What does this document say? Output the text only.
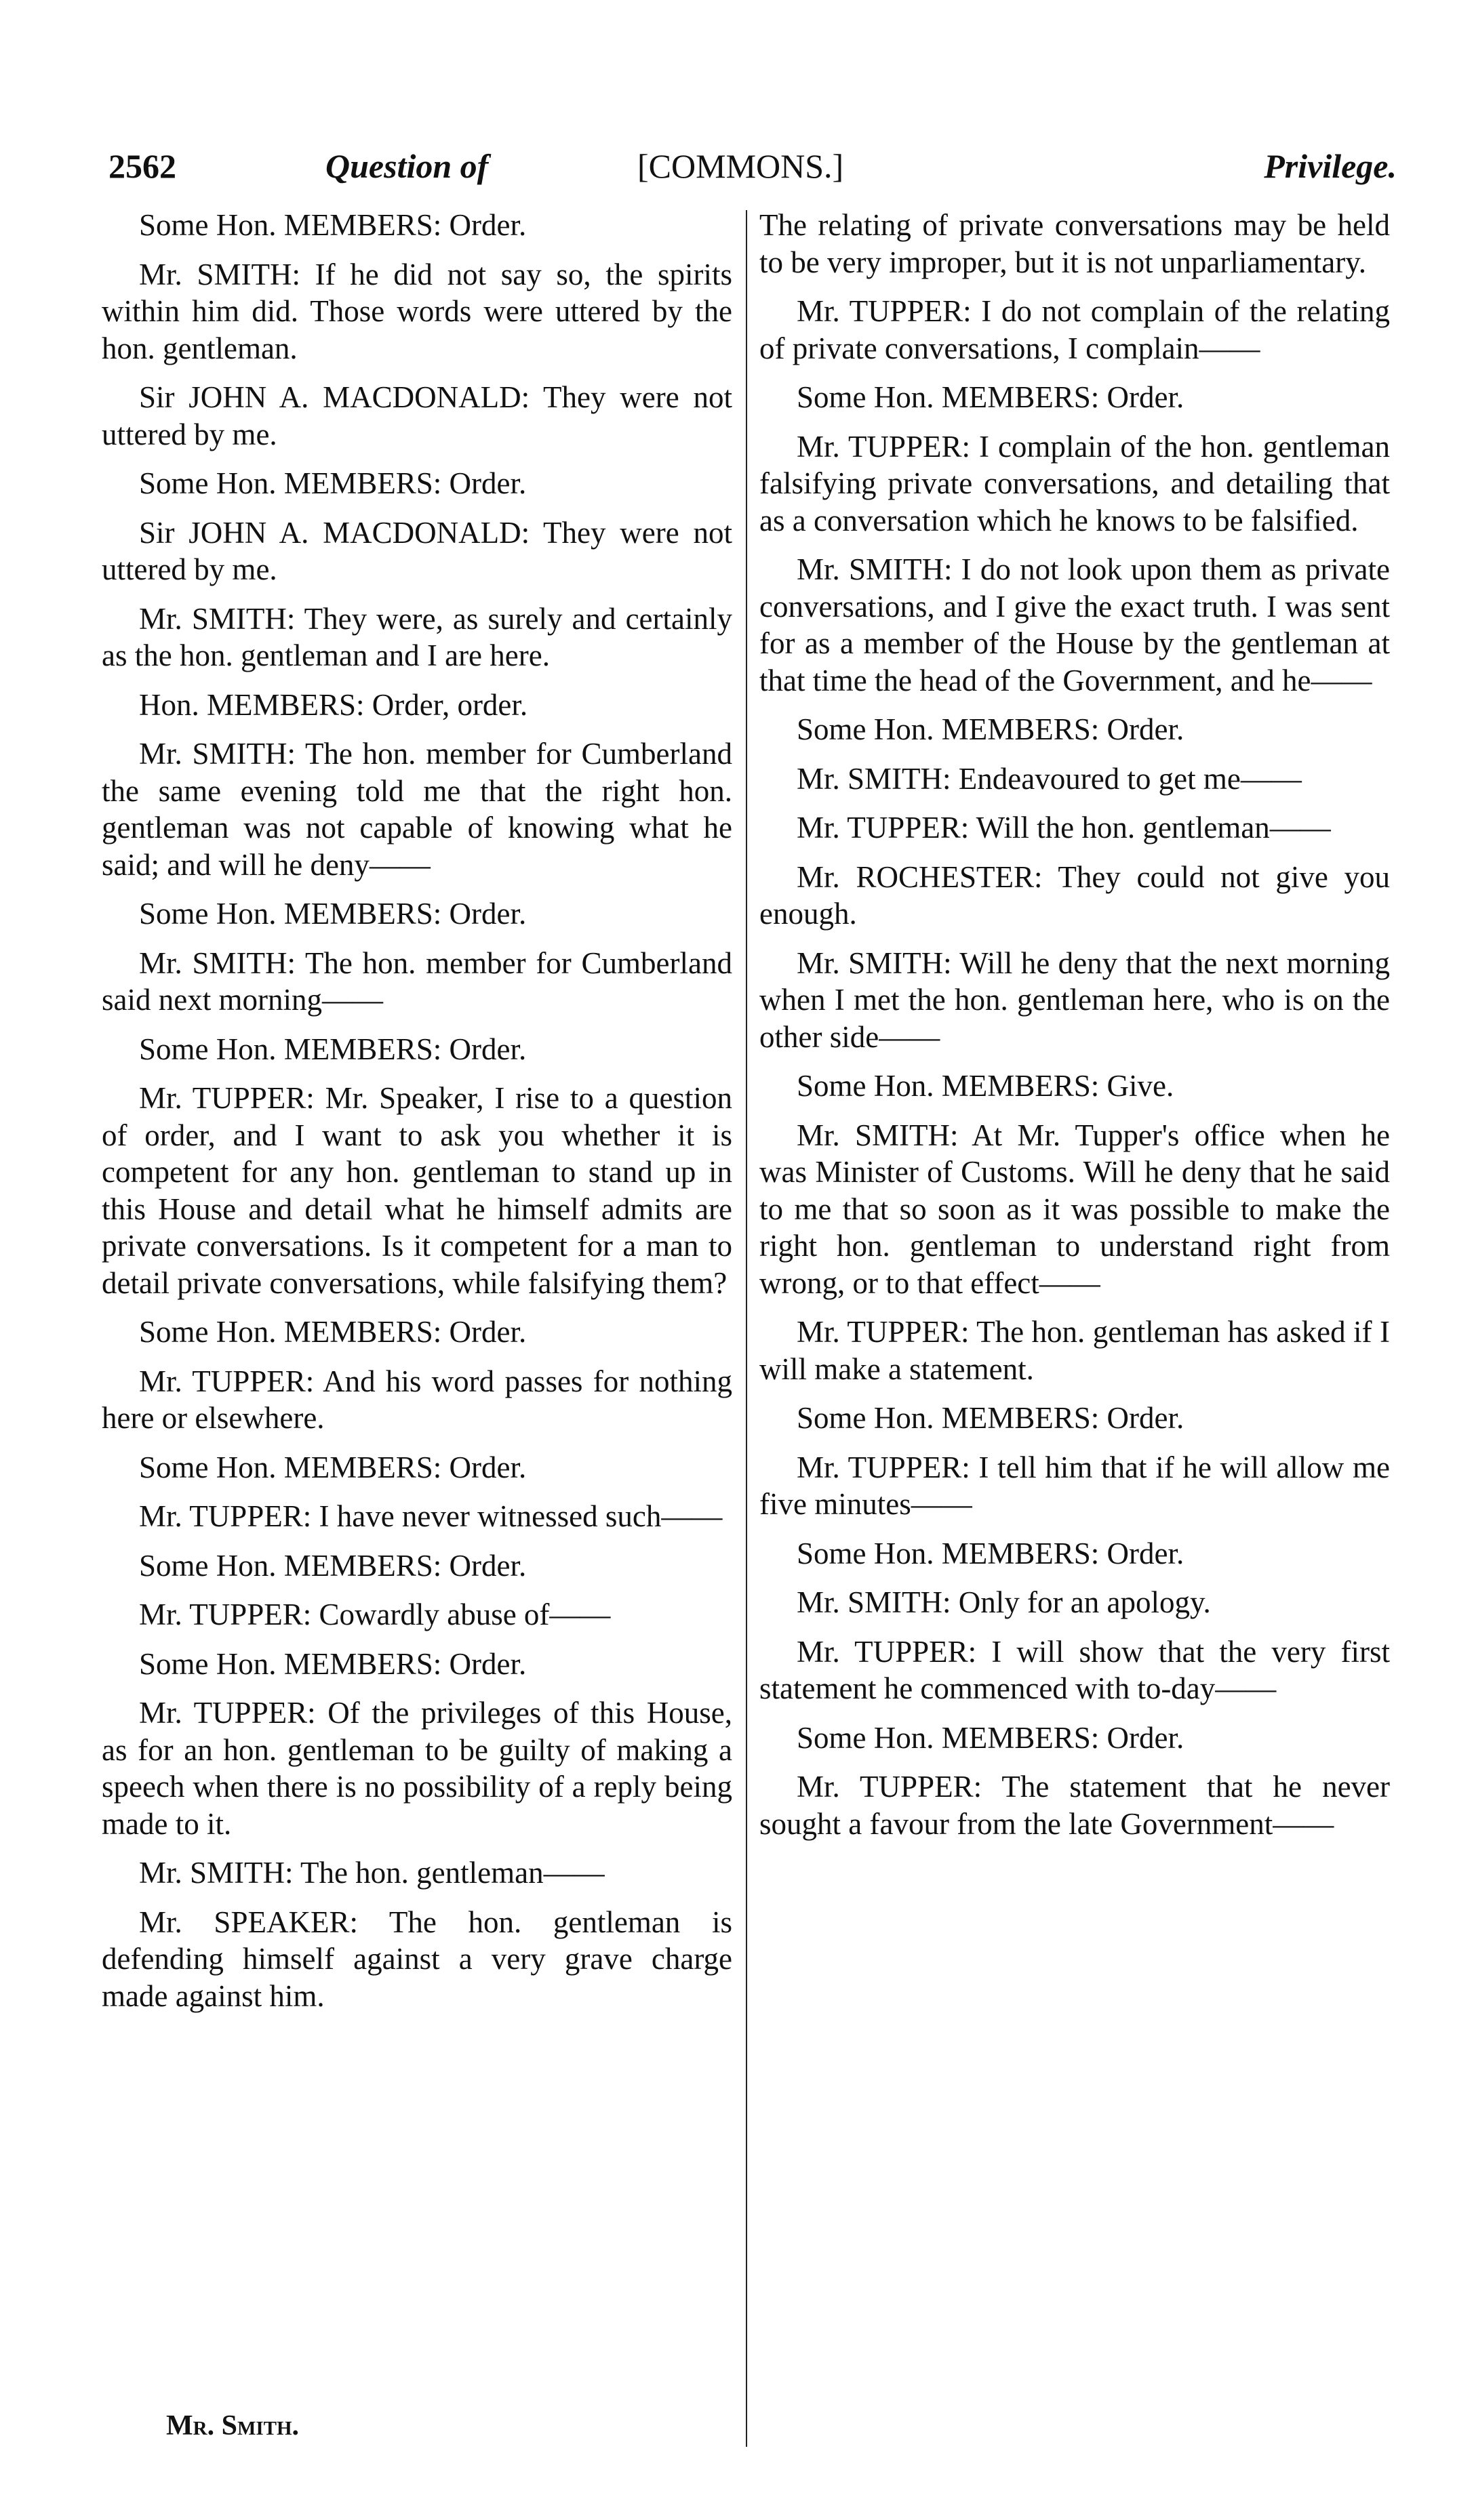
2562	Question of	[COMMONS.]	Privilege.

Some Hon. MEMBERS: Order.

Mr. SMITH: If he did not say so, the spirits within him did. Those words were uttered by the hon. gentleman.

Sir JOHN A. MACDONALD: They were not uttered by me.

Some Hon. MEMBERS: Order.

Sir JOHN A. MACDONALD: They were not uttered by me.

Mr. SMITH: They were, as surely and certainly as the hon. gentleman and I are here.

Hon. MEMBERS: Order, order.

Mr. SMITH: The hon. member for Cumberland the same evening told me that the right hon. gentleman was not capable of knowing what he said; and will he deny——

Some Hon. MEMBERS: Order.

Mr. SMITH: The hon. member for Cumberland said next morning——

Some Hon. MEMBERS: Order.

Mr. TUPPER: Mr. Speaker, I rise to a question of order, and I want to ask you whether it is competent for any hon. gentleman to stand up in this House and detail what he himself admits are private conversations. Is it competent for a man to detail private conversations, while falsifying them?

Some Hon. MEMBERS: Order.

Mr. TUPPER: And his word passes for nothing here or elsewhere.

Some Hon. MEMBERS: Order.

Mr. TUPPER: I have never witnessed such——

Some Hon. MEMBERS: Order.

Mr. TUPPER: Cowardly abuse of——

Some Hon. MEMBERS: Order.

Mr. TUPPER: Of the privileges of this House, as for an hon. gentleman to be guilty of making a speech when there is no possibility of a reply being made to it.

Mr. SMITH: The hon. gentleman——

Mr. SPEAKER: The hon. gentleman is defending himself against a very grave charge made against him.

The relating of private conversations may be held to be very improper, but it is not unparliamentary.

Mr. TUPPER: I do not complain of the relating of private conversations, I complain——

Some Hon. MEMBERS: Order.

Mr. TUPPER: I complain of the hon. gentleman falsifying private conversations, and detailing that as a conversation which he knows to be falsified.

Mr. SMITH: I do not look upon them as private conversations, and I give the exact truth. I was sent for as a member of the House by the gentleman at that time the head of the Government, and he——

Some Hon. MEMBERS: Order.

Mr. SMITH: Endeavoured to get me——

Mr. TUPPER: Will the hon. gentleman——

Mr. ROCHESTER: They could not give you enough.

Mr. SMITH: Will he deny that the next morning when I met the hon. gentleman here, who is on the other side——

Some Hon. MEMBERS: Give.

Mr. SMITH: At Mr. Tupper's office when he was Minister of Customs. Will he deny that he said to me that so soon as it was possible to make the right hon. gentleman to understand right from wrong, or to that effect——

Mr. TUPPER: The hon. gentleman has asked if I will make a statement.

Some Hon. MEMBERS: Order.

Mr. TUPPER: I tell him that if he will allow me five minutes——

Some Hon. MEMBERS: Order.

Mr. SMITH: Only for an apology.

Mr. TUPPER: I will show that the very first statement he commenced with to-day——

Some Hon. MEMBERS: Order.

Mr. TUPPER: The statement that he never sought a favour from the late Government——

Mr. Smith.
